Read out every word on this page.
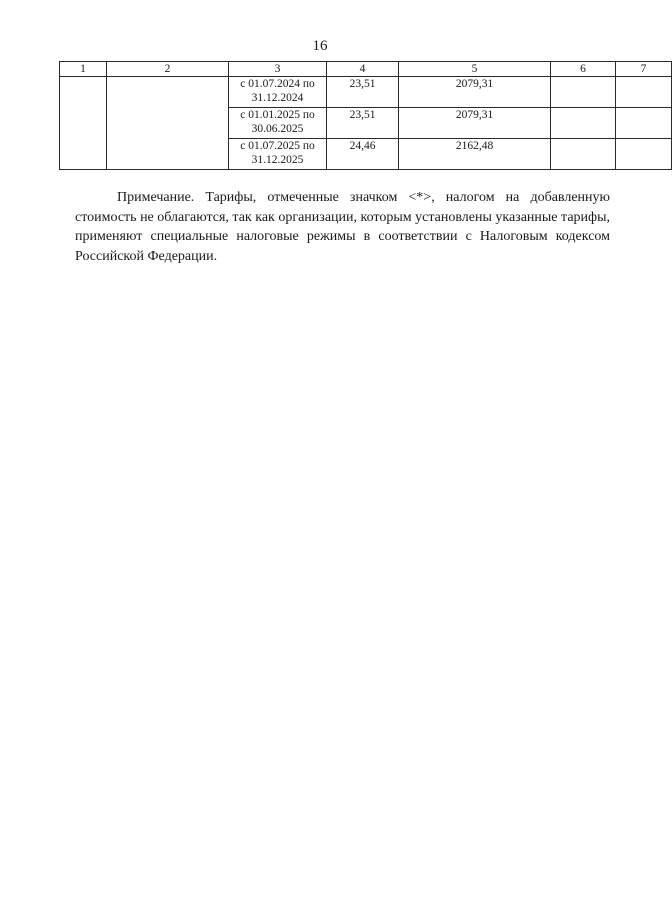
16
1	2	3	4	5	6	7
		с 01.07.2024 по 31.12.2024	23,51	2079,31		
		с 01.01.2025 по 30.06.2025	23,51	2079,31		
		с 01.07.2025 по 31.12.2025	24,46	2162,48		

Примечание. Тарифы, отмеченные значком <*>, налогом на добавленную стоимость не облагаются, так как организации, которым установлены указанные тарифы, применяют специальные налоговые режимы в соответствии с Налоговым кодексом Российской Федерации.
